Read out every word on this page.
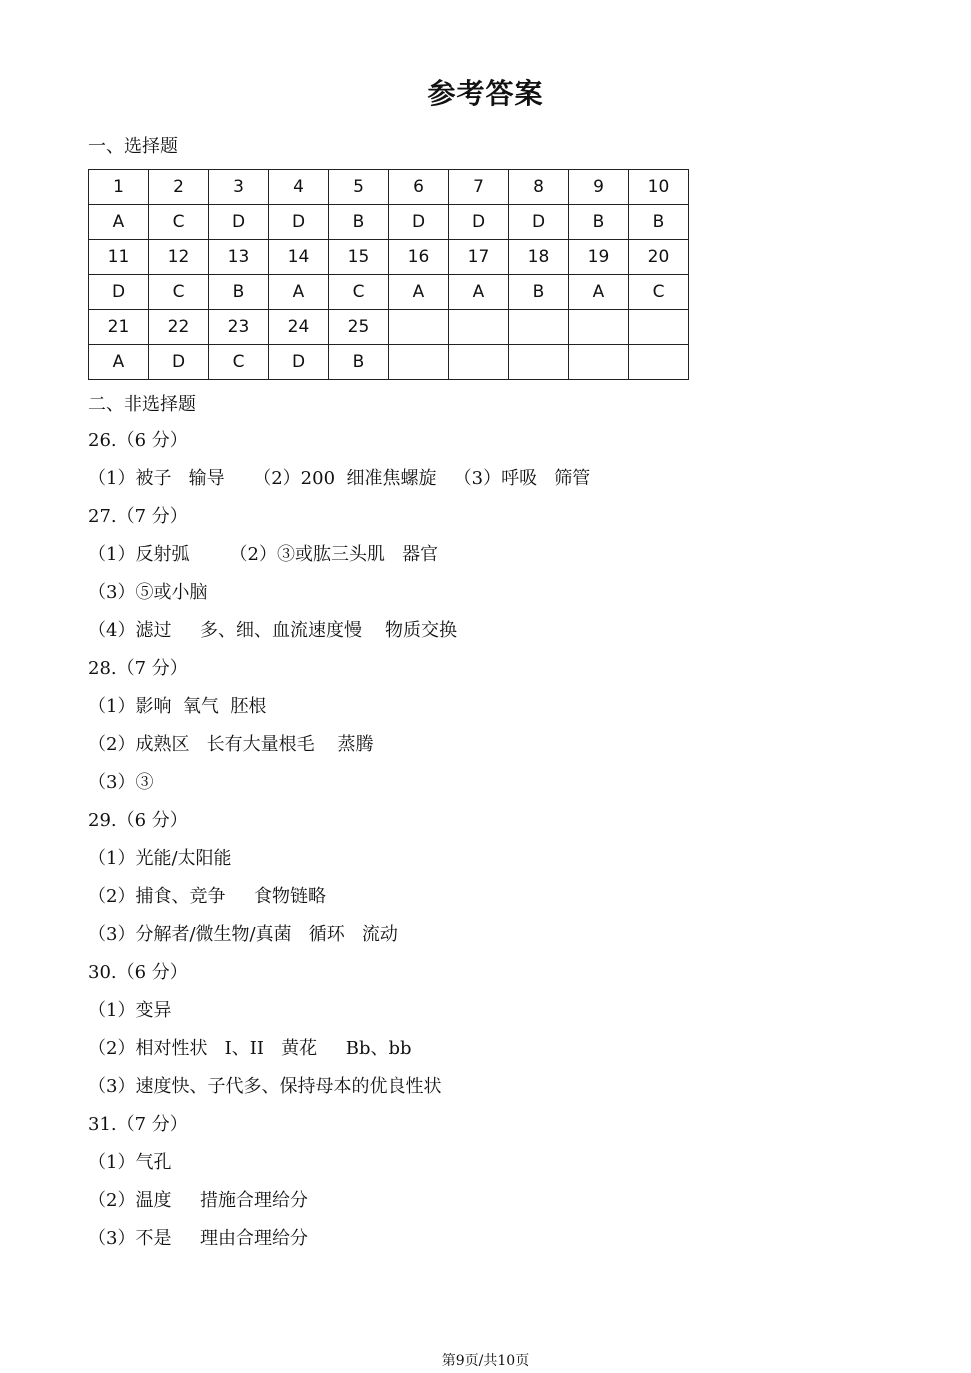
参考答案
一、选择题
1	2	3	4	5	6	7	8	9	10
A	C	D	D	B	D	D	D	B	B
11	12	13	14	15	16	17	18	19	20
D	C	B	A	C	A	A	B	A	C
21	22	23	24	25					
A	D	C	D	B					
二、非选择题
26.（6 分）
（1）被子   输导     （2）200  细准焦螺旋   （3）呼吸   筛管
27.（7 分）
（1）反射弧       （2）③或肱三头肌   器官
（3）⑤或小脑
（4）滤过     多、细、血流速度慢    物质交换
28.（7 分）
（1）影响  氧气  胚根
（2）成熟区   长有大量根毛    蒸腾
（3）③
29.（6 分）
（1）光能/太阳能
（2）捕食、竞争     食物链略
（3）分解者/微生物/真菌   循环   流动
30.（6 分）
（1）变异
（2）相对性状   I、II   黄花     Bb、bb
（3）速度快、子代多、保持母本的优良性状
31.（7 分）
（1）气孔
（2）温度     措施合理给分
（3）不是     理由合理给分
第9页/共10页
